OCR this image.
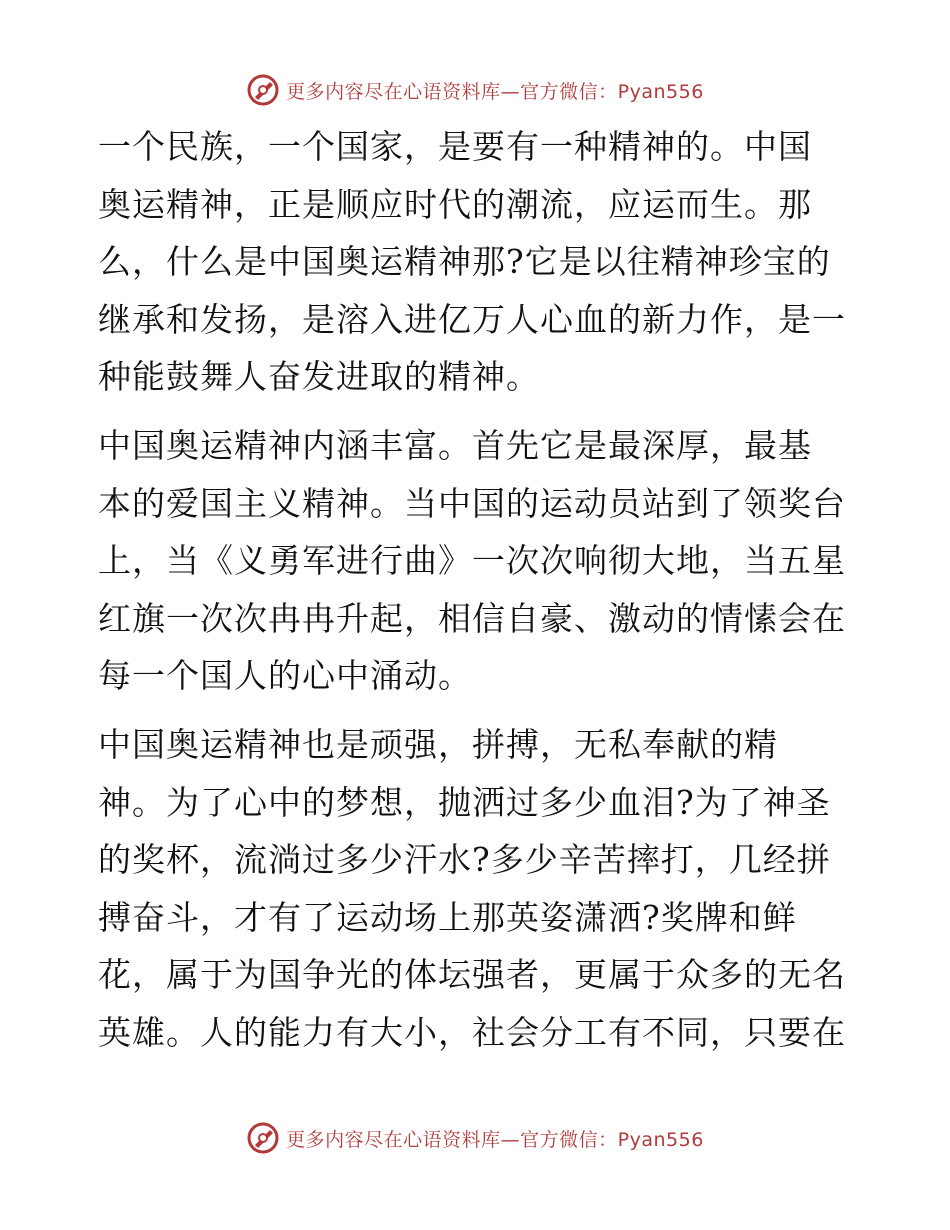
更多内容尽在心语资料库—官方微信：Pyan556

一个民族，一个国家，是要有一种精神的。中国
奥运精神，正是顺应时代的潮流，应运而生。那
么，什么是中国奥运精神那?它是以往精神珍宝的
继承和发扬，是溶入进亿万人心血的新力作，是一
种能鼓舞人奋发进取的精神。

中国奥运精神内涵丰富。首先它是最深厚，最基
本的爱国主义精神。当中国的运动员站到了领奖台
上，当《义勇军进行曲》一次次响彻大地，当五星
红旗一次次冉冉升起，相信自豪、激动的情愫会在
每一个国人的心中涌动。

中国奥运精神也是顽强，拼搏，无私奉献的精
神。为了心中的梦想，抛洒过多少血泪?为了神圣
的奖杯，流淌过多少汗水?多少辛苦摔打，几经拼
搏奋斗，才有了运动场上那英姿潇洒?奖牌和鲜
花，属于为国争光的体坛强者，更属于众多的无名
英雄。人的能力有大小，社会分工有不同，只要在

更多内容尽在心语资料库—官方微信：Pyan556
